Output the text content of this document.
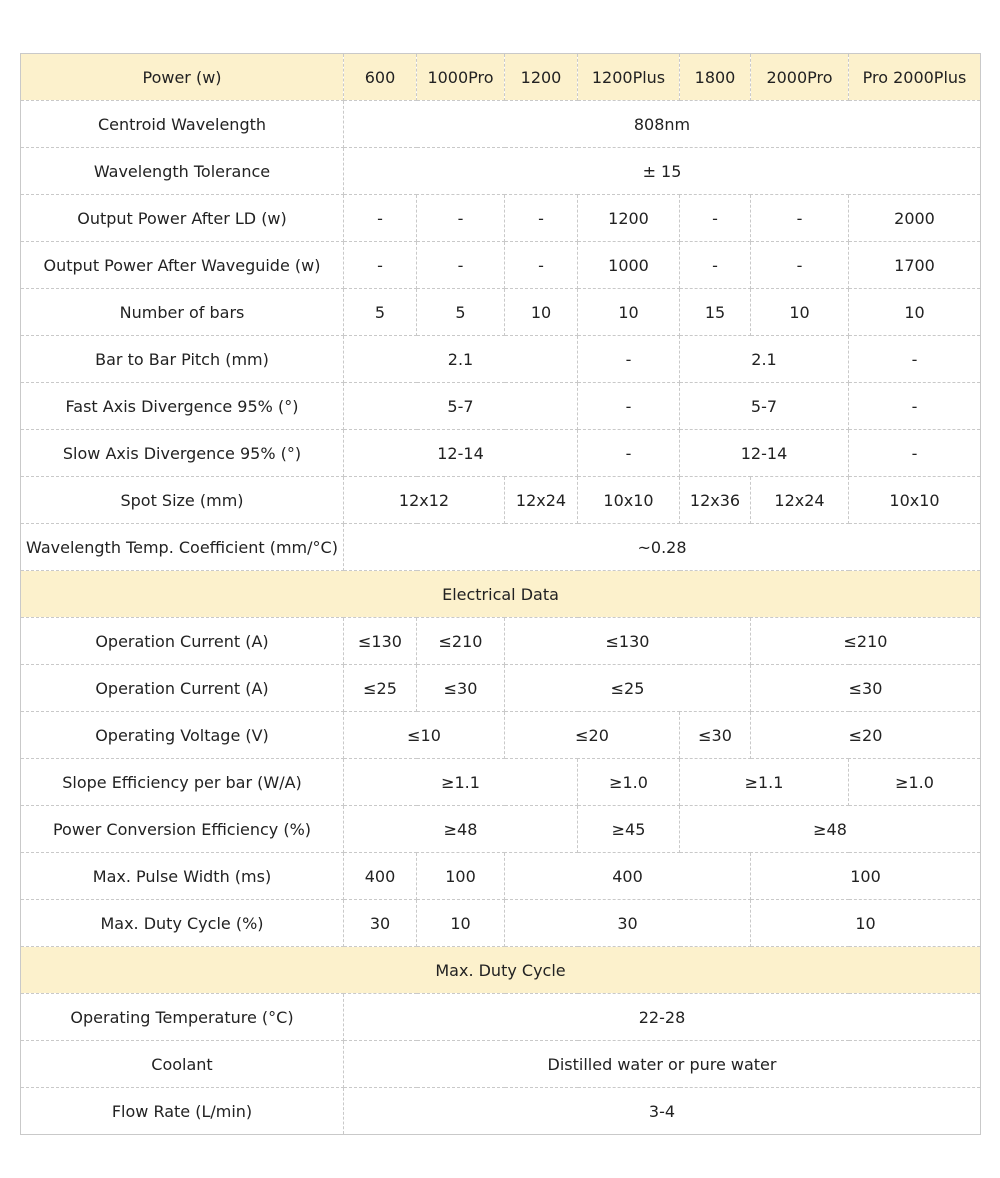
Power (w)	600	1000Pro	1200	1200Plus	1800	2000Pro	Pro 2000Plus
Centroid Wavelength	808nm						
Wavelength Tolerance	± 15						
Output Power After LD (w)	-	-	-	1200	-	-	2000
Output Power After Waveguide (w)	-	-	-	1000	-	-	1700
Number of bars	5	5	10	10	15	10	10
Bar to Bar Pitch (mm)	2.1			-	2.1		-
Fast Axis Divergence 95% (°)	5-7			-	5-7		-
Slow Axis Divergence 95% (°)	12-14			-	12-14		-
Spot Size (mm)	12x12		12x24	10x10	12x36	12x24	10x10
Wavelength Temp. Coefficient (mm/°C)	~0.28						
Electrical Data							
Operation Current (A)	≤130	≤210	≤130			≤210	
Operation Current (A)	≤25	≤30	≤25			≤30	
Operating Voltage (V)	≤10		≤20		≤30	≤20	
Slope Efficiency per bar (W/A)	≥1.1			≥1.0	≥1.1		≥1.0
Power Conversion Efficiency (%)	≥48			≥45	≥48		
Max. Pulse Width (ms)	400	100	400			100	
Max. Duty Cycle (%)	30	10	30			10	
Max. Duty Cycle							
Operating Temperature (°C)	22-28						
Coolant	Distilled water or pure water						
Flow Rate (L/min)	3-4						
